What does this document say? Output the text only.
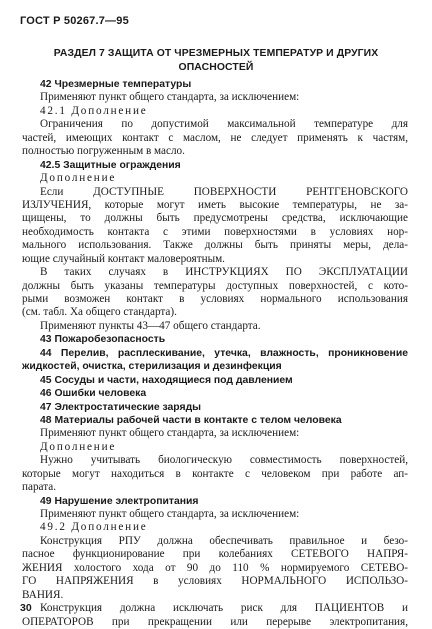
ГОСТ Р 50267.7—95
РАЗДЕЛ 7 ЗАЩИТА ОТ ЧРЕЗМЕРНЫХ ТЕМПЕРАТУР И ДРУГИХ ОПАСНОСТЕЙ
42 Чрезмерные температуры
Применяют пункт общего стандарта, за исключением:
42.1 Дополнение
Ограничения по допустимой максимальной температуре для
частей, имеющих контакт с маслом, не следует применять к частям,
полностью погруженным в масло.
42.5 Защитные ограждения
Дополнение
Если ДОСТУПНЫЕ ПОВЕРХНОСТИ РЕНТГЕНОВСКОГО
ИЗЛУЧЕНИЯ, которые могут иметь высокие температуры, не за-
щищены, то должны быть предусмотрены средства, исключающие
необходимость контакта с этими поверхностями в условиях нор-
мального использования. Также должны быть приняты меры, дела-
ющие случайный контакт маловероятным.
В таких случаях в ИНСТРУКЦИЯХ ПО ЭКСПЛУАТАЦИИ
должны быть указаны температуры доступных поверхностей, с кото-
рыми возможен контакт в условиях нормального использования
(см. табл. Ха общего стандарта).
Применяют пункты 43—47 общего стандарта.
43 Пожаробезопасность
44 Перелив, расплескивание, утечка, влажность, проникновение
жидкостей, очистка, стерилизация и дезинфекция
45 Сосуды и части, находящиеся под давлением
46 Ошибки человека
47 Электростатические заряды
48 Материалы рабочей части в контакте с телом человека
Применяют пункт общего стандарта, за исключением:
Дополнение
Нужно учитывать биологическую совместимость поверхностей,
которые могут находиться в контакте с человеком при работе ап-
парата.
49 Нарушение электропитания
Применяют пункт общего стандарта, за исключением:
49.2 Дополнение
Конструкция РПУ должна обеспечивать правильное и безо-
пасное функционирование при колебаниях СЕТЕВОГО НАПРЯ-
ЖЕНИЯ холостого хода от 90 до 110 % нормируемого СЕТЕВО-
ГО НАПРЯЖЕНИЯ в условиях НОРМАЛЬНОГО ИСПОЛЬЗО-
ВАНИЯ.
Конструкция должна исключать риск для ПАЦИЕНТОВ и
ОПЕРАТОРОВ при прекращении или перерыве электропитания,
30
